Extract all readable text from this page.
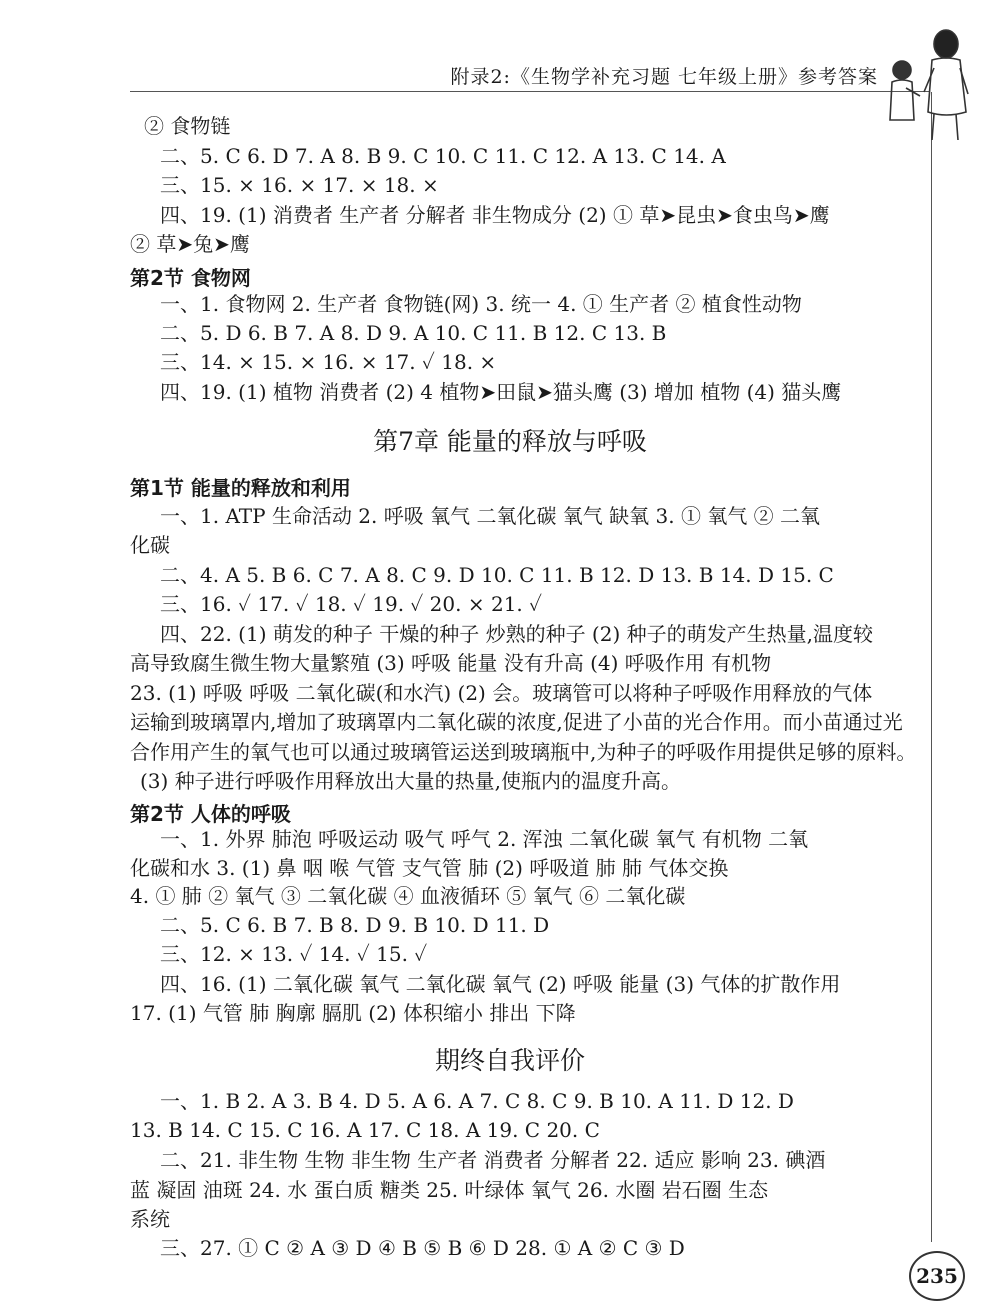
附录2:《生物学补充习题 七年级上册》参考答案
② 食物链
二、5. C 6. D 7. A 8. B 9. C 10. C 11. C 12. A 13. C 14. A
三、15. × 16. × 17. × 18. ×
四、19. (1) 消费者 生产者 分解者 非生物成分 (2) ① 草➤昆虫➤食虫鸟➤鹰
② 草➤兔➤鹰
第2节 食物网
一、1. 食物网 2. 生产者 食物链(网) 3. 统一 4. ① 生产者 ② 植食性动物
二、5. D 6. B 7. A 8. D 9. A 10. C 11. B 12. C 13. B
三、14. × 15. × 16. × 17. ✓ 18. ×
四、19. (1) 植物 消费者 (2) 4 植物➤田鼠➤猫头鹰 (3) 增加 植物 (4) 猫头鹰
第7章 能量的释放与呼吸
第1节 能量的释放和利用
一、1. ATP 生命活动 2. 呼吸 氧气 二氧化碳 氧气 缺氧 3. ① 氧气 ② 二氧
化碳
二、4. A 5. B 6. C 7. A 8. C 9. D 10. C 11. B 12. D 13. B 14. D 15. C
三、16. ✓ 17. ✓ 18. ✓ 19. ✓ 20. × 21. ✓
四、22. (1) 萌发的种子 干燥的种子 炒熟的种子 (2) 种子的萌发产生热量,温度较
高导致腐生微生物大量繁殖 (3) 呼吸 能量 没有升高 (4) 呼吸作用 有机物
23. (1) 呼吸 呼吸 二氧化碳(和水汽) (2) 会。玻璃管可以将种子呼吸作用释放的气体
运输到玻璃罩内,增加了玻璃罩内二氧化碳的浓度,促进了小苗的光合作用。而小苗通过光
合作用产生的氧气也可以通过玻璃管运送到玻璃瓶中,为种子的呼吸作用提供足够的原料。
(3) 种子进行呼吸作用释放出大量的热量,使瓶内的温度升高。
第2节 人体的呼吸
一、1. 外界 肺泡 呼吸运动 吸气 呼气 2. 浑浊 二氧化碳 氧气 有机物 二氧
化碳和水 3. (1) 鼻 咽 喉 气管 支气管 肺 (2) 呼吸道 肺 肺 气体交换
4. ① 肺 ② 氧气 ③ 二氧化碳 ④ 血液循环 ⑤ 氧气 ⑥ 二氧化碳
二、5. C 6. B 7. B 8. D 9. B 10. D 11. D
三、12. × 13. ✓ 14. ✓ 15. ✓
四、16. (1) 二氧化碳 氧气 二氧化碳 氧气 (2) 呼吸 能量 (3) 气体的扩散作用
17. (1) 气管 肺 胸廓 膈肌 (2) 体积缩小 排出 下降
期终自我评价
一、1. B 2. A 3. B 4. D 5. A 6. A 7. C 8. C 9. B 10. A 11. D 12. D
13. B 14. C 15. C 16. A 17. C 18. A 19. C 20. C
二、21. 非生物 生物 非生物 生产者 消费者 分解者 22. 适应 影响 23. 碘酒
蓝 凝固 油斑 24. 水 蛋白质 糖类 25. 叶绿体 氧气 26. 水圈 岩石圈 生态
系统
三、27. ① C ② A ③ D ④ B ⑤ B ⑥ D 28. ① A ② C ③ D
235
